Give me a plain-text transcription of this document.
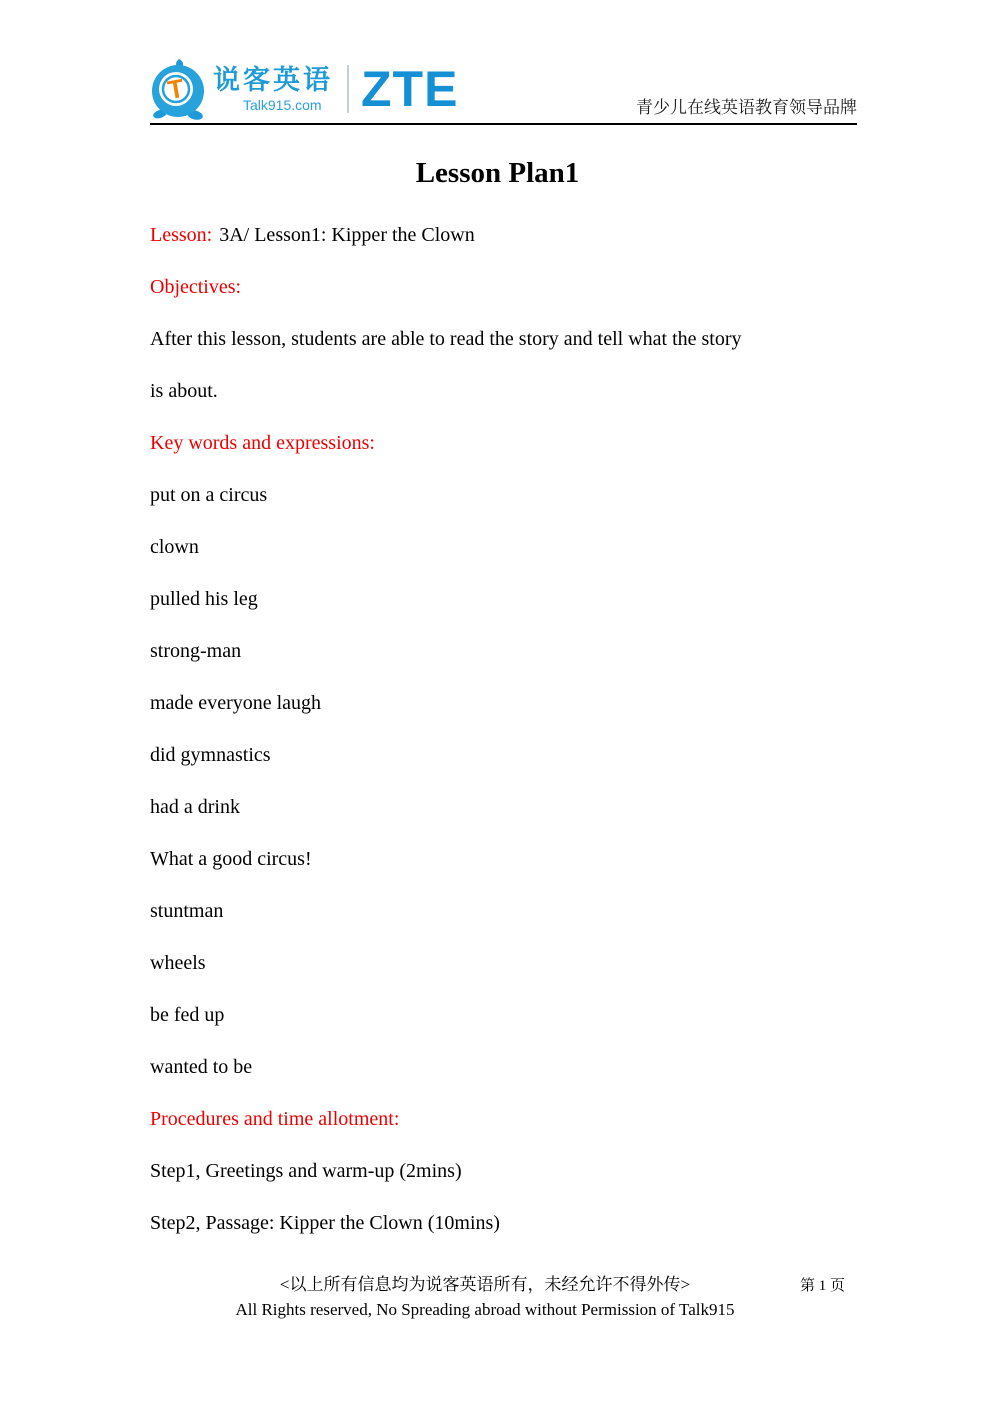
T 说客英语
Talk915.com ZTE	青少儿在线英语教育领导品牌
Lesson Plan1
Lesson: 3A/ Lesson1: Kipper the Clown
Objectives:
After this lesson, students are able to read the story and tell what the story
is about.
Key words and expressions:
put on a circus
clown
pulled his leg
strong-man
made everyone laugh
did gymnastics
had a drink
What a good circus!
stuntman
wheels
be fed up
wanted to be
Procedures and time allotment:
Step1, Greetings and warm-up (2mins)
Step2, Passage: Kipper the Clown (10mins)
<以上所有信息均为说客英语所有，未经允许不得外传>
All Rights reserved, No Spreading abroad without Permission of Talk915
第 1 页
